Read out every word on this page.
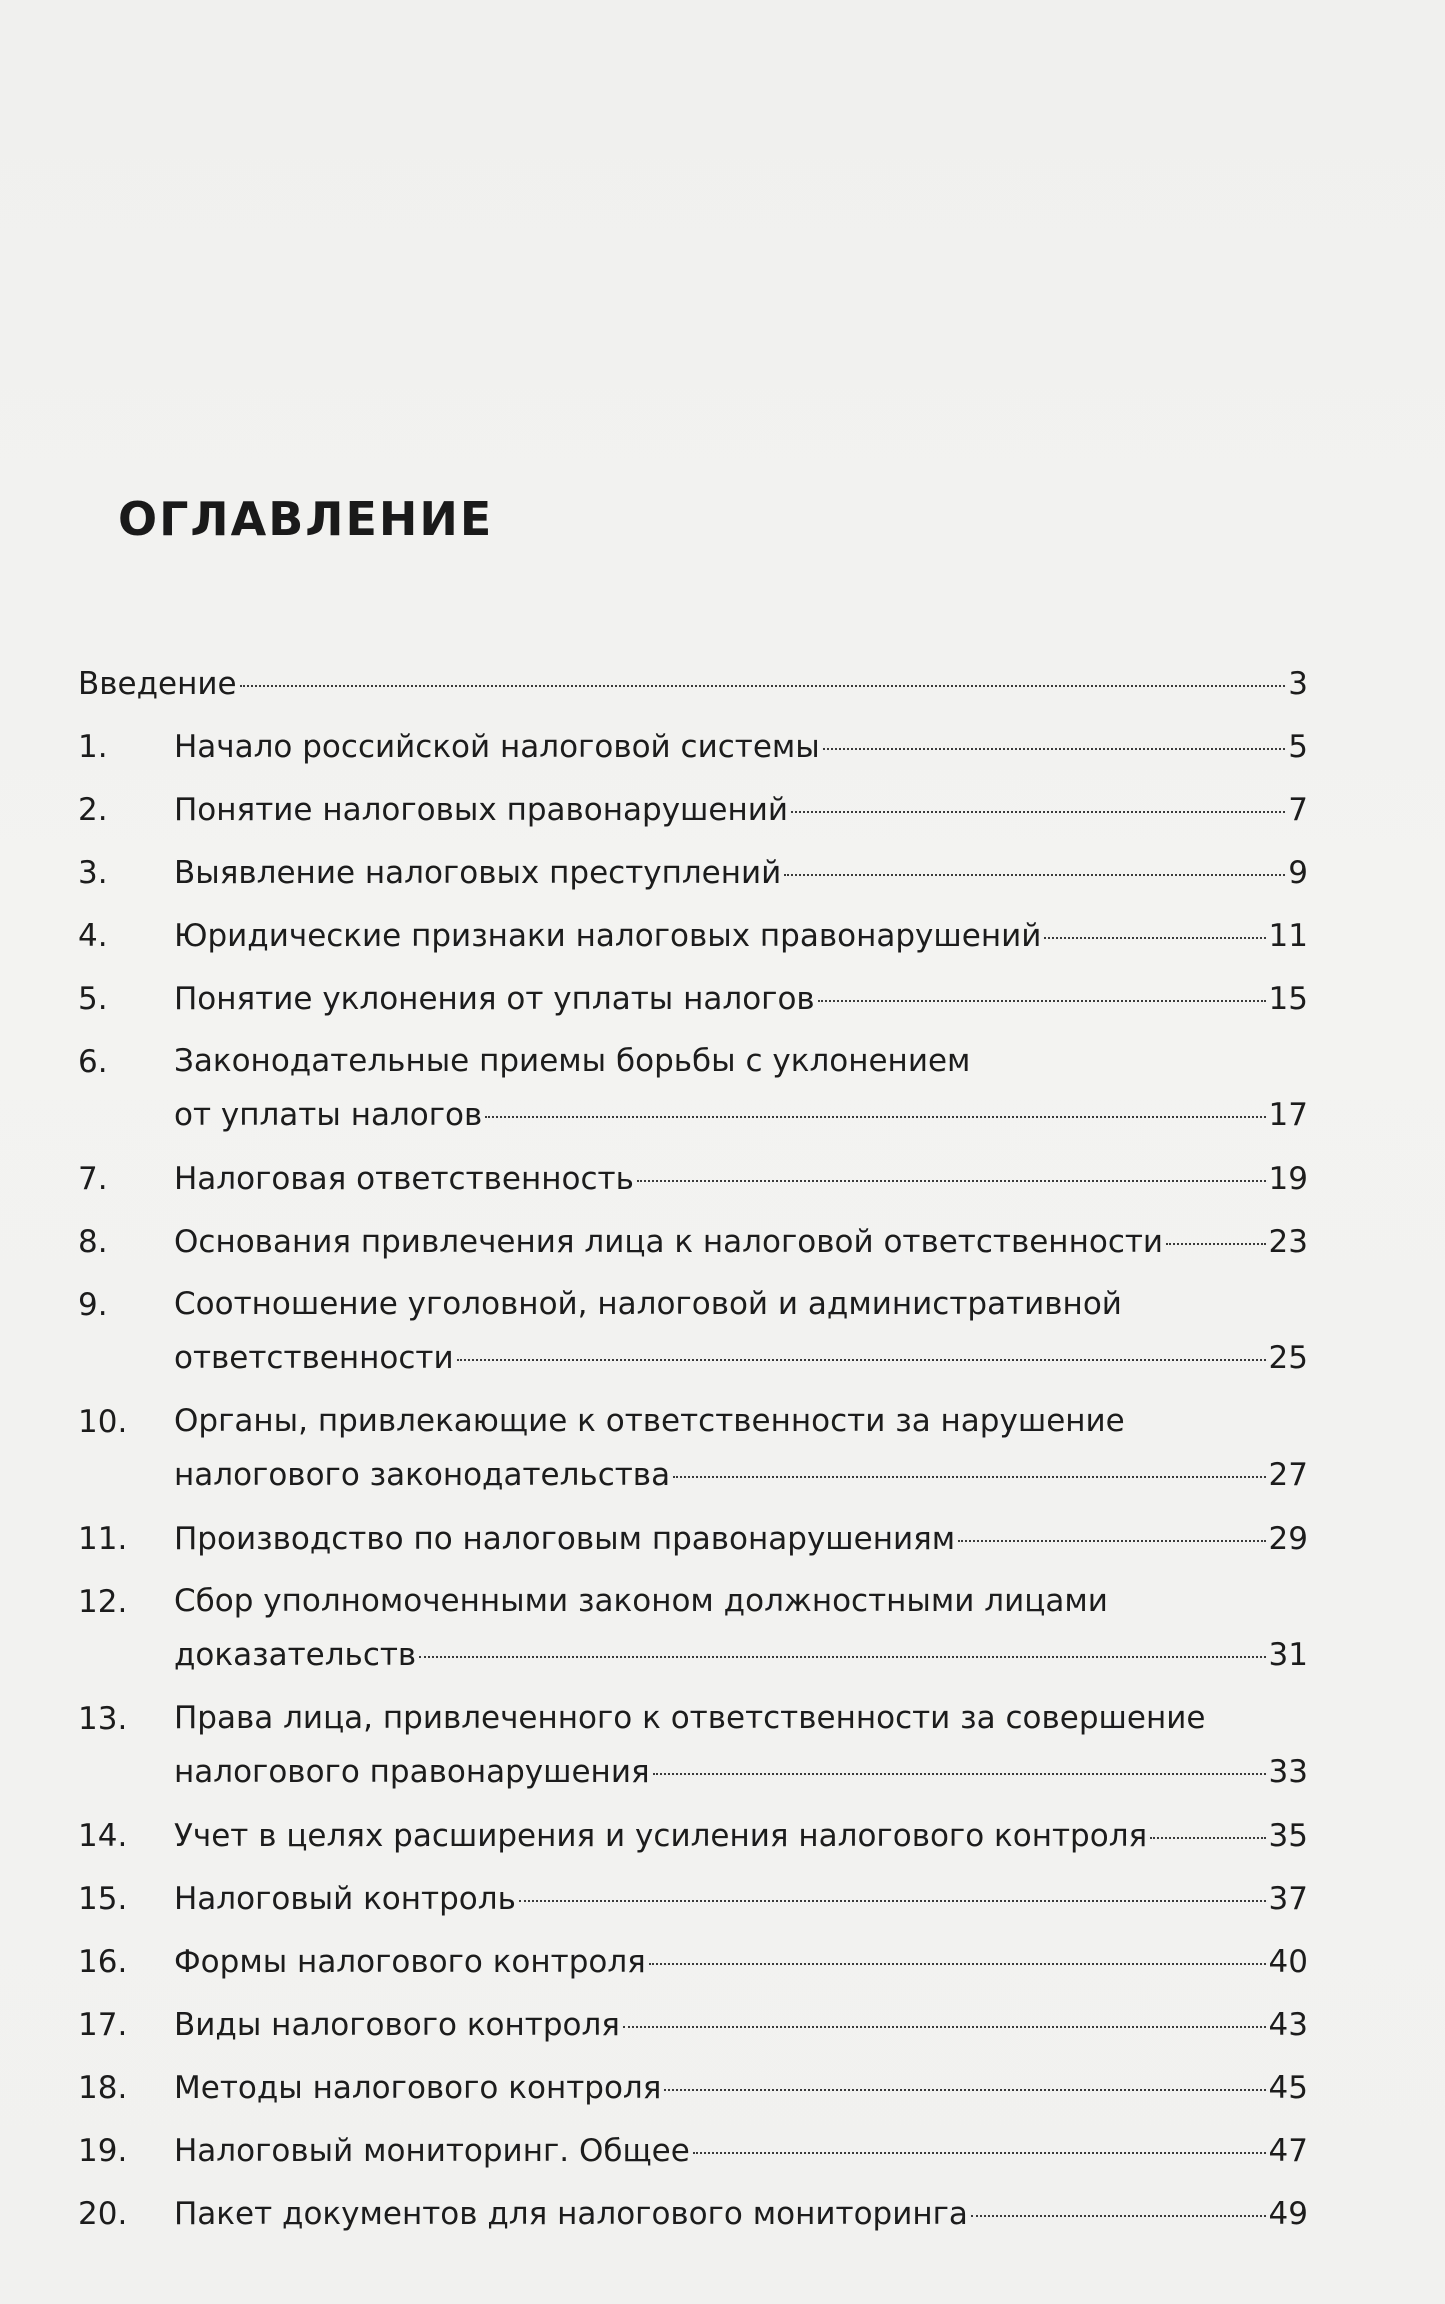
ОГЛАВЛЕНИЕ
Введение	3
1.	Начало российской налоговой системы	5
2.	Понятие налоговых правонарушений	7
3.	Выявление налоговых преступлений	9
4.	Юридические признаки налоговых правонарушений	11
5.	Понятие уклонения от уплаты налогов	15
6.	Законодательные приемы борьбы с уклонением
от уплаты налогов	17
7.	Налоговая ответственность	19
8.	Основания привлечения лица к налоговой ответственности	23
9.	Соотношение уголовной, налоговой и административной
ответственности	25
10.	Органы, привлекающие к ответственности за нарушение
налогового законодательства	27
11.	Производство по налоговым правонарушениям	29
12.	Сбор уполномоченными законом должностными лицами
доказательств	31
13.	Права лица, привлеченного к ответственности за совершение
налогового правонарушения	33
14.	Учет в целях расширения и усиления налогового контроля	35
15.	Налоговый контроль	37
16.	Формы налогового контроля	40
17.	Виды налогового контроля	43
18.	Методы налогового контроля	45
19.	Налоговый мониторинг. Общее	47
20.	Пакет документов для налогового мониторинга	49
